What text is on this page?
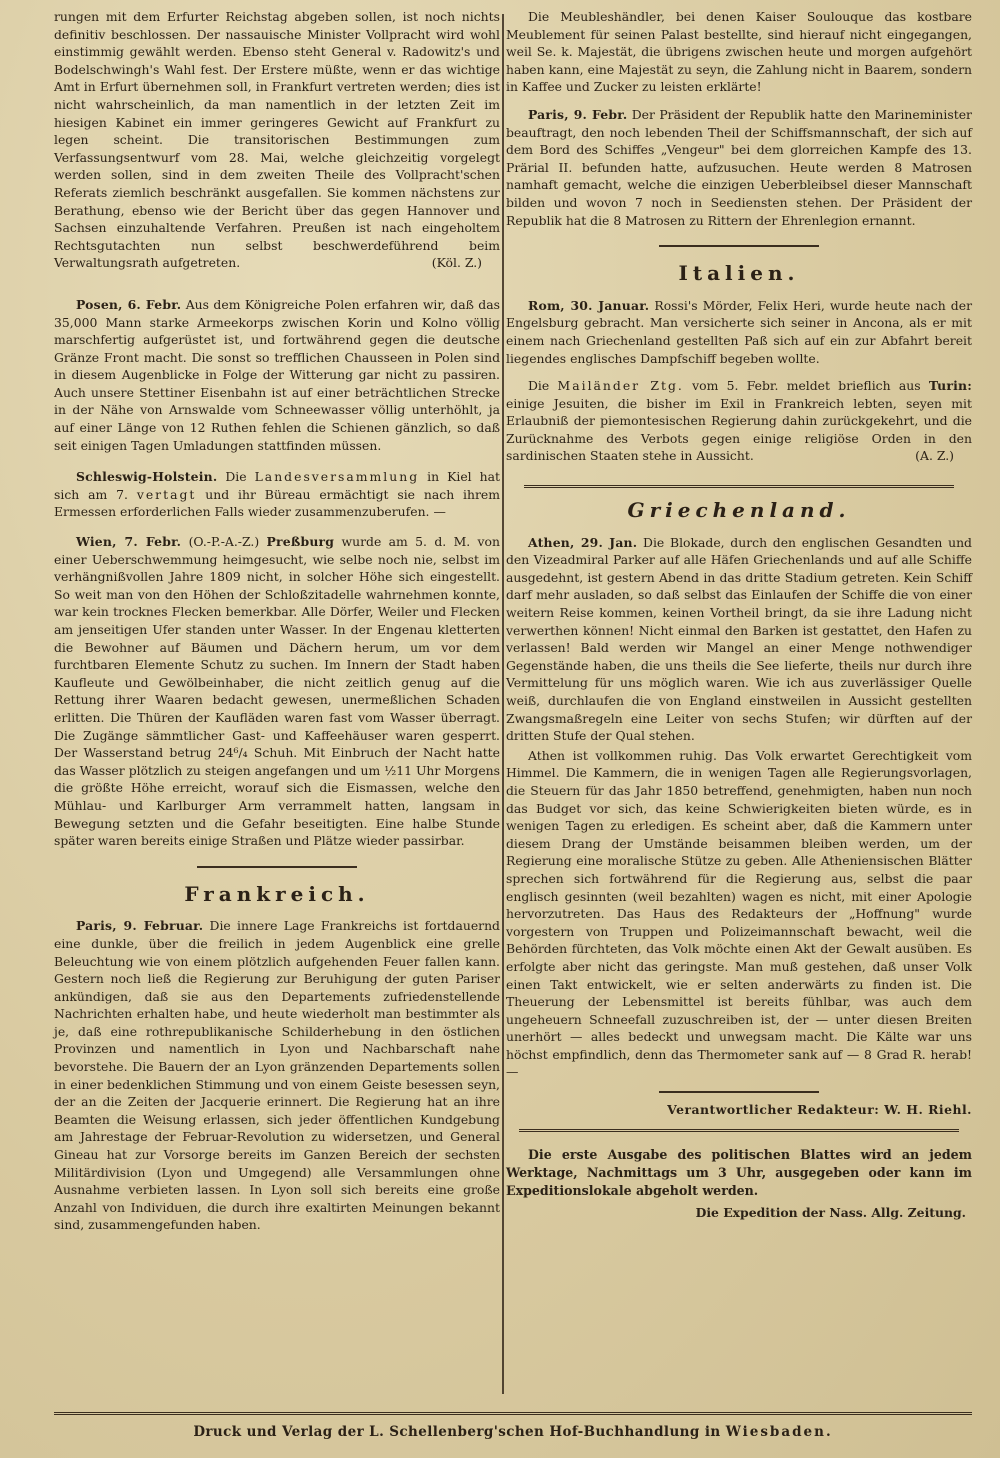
rungen mit dem Erfurter Reichstag abgeben sollen, ist noch nichts definitiv beschlossen. Der nassauische Minister Vollpracht wird wohl einstimmig gewählt werden. Ebenso steht General v. Radowitz's und Bodelschwingh's Wahl fest. Der Erstere müßte, wenn er das wichtige Amt in Erfurt übernehmen soll, in Frankfurt vertreten werden; dies ist nicht wahrscheinlich, da man namentlich in der letzten Zeit im hiesigen Kabinet ein immer geringeres Gewicht auf Frankfurt zu legen scheint. Die transitorischen Bestimmungen zum Verfassungsentwurf vom 28. Mai, welche gleichzeitig vorgelegt werden sollen, sind in dem zweiten Theile des Vollpracht'schen Referats ziemlich beschränkt ausgefallen. Sie kommen nächstens zur Berathung, ebenso wie der Bericht über das gegen Hannover und Sachsen einzuhaltende Verfahren. Preußen ist nach eingeholtem Rechtsgutachten nun selbst beschwerdeführend beim Verwaltungsrath aufgetreten.	(Köl. Z.)

Posen, 6. Febr. Aus dem Königreiche Polen erfahren wir, daß das 35,000 Mann starke Armeekorps zwischen Korin und Kolno völlig marschfertig aufgerüstet ist, und fortwährend gegen die deutsche Gränze Front macht. Die sonst so trefflichen Chausseen in Polen sind in diesem Augenblicke in Folge der Witterung gar nicht zu passiren. Auch unsere Stettiner Eisenbahn ist auf einer beträchtlichen Strecke in der Nähe von Arnswalde vom Schneewasser völlig unterhöhlt, ja auf einer Länge von 12 Ruthen fehlen die Schienen gänzlich, so daß seit einigen Tagen Umladungen stattfinden müssen.

Schleswig-Holstein. Die Landesversammlung in Kiel hat sich am 7. vertagt und ihr Büreau ermächtigt sie nach ihrem Ermessen erforderlichen Falls wieder zusammenzuberufen. —

Wien, 7. Febr. (O.-P.-A.-Z.) Preßburg wurde am 5. d. M. von einer Ueberschwemmung heimgesucht, wie selbe noch nie, selbst im verhängnißvollen Jahre 1809 nicht, in solcher Höhe sich eingestellt. So weit man von den Höhen der Schloßzitadelle wahrnehmen konnte, war kein trocknes Flecken bemerkbar. Alle Dörfer, Weiler und Flecken am jenseitigen Ufer standen unter Wasser. In der Engenau kletterten die Bewohner auf Bäumen und Dächern herum, um vor dem furchtbaren Elemente Schutz zu suchen. Im Innern der Stadt haben Kaufleute und Gewölbeinhaber, die nicht zeitlich genug auf die Rettung ihrer Waaren bedacht gewesen, unermeßlichen Schaden erlitten. Die Thüren der Kaufläden waren fast vom Wasser überragt. Die Zugänge sämmtlicher Gast- und Kaffeehäuser waren gesperrt. Der Wasserstand betrug 24⁶/₄ Schuh. Mit Einbruch der Nacht hatte das Wasser plötzlich zu steigen angefangen und um ½11 Uhr Morgens die größte Höhe erreicht, worauf sich die Eismassen, welche den Mühlau- und Karlburger Arm verrammelt hatten, langsam in Bewegung setzten und die Gefahr beseitigten. Eine halbe Stunde später waren bereits einige Straßen und Plätze wieder passirbar.

Frankreich.

Paris, 9. Februar. Die innere Lage Frankreichs ist fortdauernd eine dunkle, über die freilich in jedem Augenblick eine grelle Beleuchtung wie von einem plötzlich aufgehenden Feuer fallen kann. Gestern noch ließ die Regierung zur Beruhigung der guten Pariser ankündigen, daß sie aus den Departements zufriedenstellende Nachrichten erhalten habe, und heute wiederholt man bestimmter als je, daß eine rothrepublikanische Schilderhebung in den östlichen Provinzen und namentlich in Lyon und Nachbarschaft nahe bevorstehe. Die Bauern der an Lyon gränzenden Departements sollen in einer bedenklichen Stimmung und von einem Geiste besessen seyn, der an die Zeiten der Jacquerie erinnert. Die Regierung hat an ihre Beamten die Weisung erlassen, sich jeder öffentlichen Kundgebung am Jahrestage der Februar-Revolution zu widersetzen, und General Gineau hat zur Vorsorge bereits im Ganzen Bereich der sechsten Militärdivision (Lyon und Umgegend) alle Versammlungen ohne Ausnahme verbieten lassen. In Lyon soll sich bereits eine große Anzahl von Individuen, die durch ihre exaltirten Meinungen bekannt sind, zusammengefunden haben.

Die Meubleshändler, bei denen Kaiser Soulouque das kostbare Meublement für seinen Palast bestellte, sind hierauf nicht eingegangen, weil Se. k. Majestät, die übrigens zwischen heute und morgen aufgehört haben kann, eine Majestät zu seyn, die Zahlung nicht in Baarem, sondern in Kaffee und Zucker zu leisten erklärte!

Paris, 9. Febr. Der Präsident der Republik hatte den Marineminister beauftragt, den noch lebenden Theil der Schiffsmannschaft, der sich auf dem Bord des Schiffes „Vengeur" bei dem glorreichen Kampfe des 13. Prärial II. befunden hatte, aufzusuchen. Heute werden 8 Matrosen namhaft gemacht, welche die einzigen Ueberbleibsel dieser Mannschaft bilden und wovon 7 noch in Seediensten stehen. Der Präsident der Republik hat die 8 Matrosen zu Rittern der Ehrenlegion ernannt.

Italien.

Rom, 30. Januar. Rossi's Mörder, Felix Heri, wurde heute nach der Engelsburg gebracht. Man versicherte sich seiner in Ancona, als er mit einem nach Griechenland gestellten Paß sich auf ein zur Abfahrt bereit liegendes englisches Dampfschiff begeben wollte.

Die Mailänder Ztg. vom 5. Febr. meldet brieflich aus Turin: einige Jesuiten, die bisher im Exil in Frankreich lebten, seyen mit Erlaubniß der piemontesischen Regierung dahin zurückgekehrt, und die Zurücknahme des Verbots gegen einige religiöse Orden in den sardinischen Staaten stehe in Aussicht.	(A. Z.)

Griechenland.

Athen, 29. Jan. Die Blokade, durch den englischen Gesandten und den Vizeadmiral Parker auf alle Häfen Griechenlands und auf alle Schiffe ausgedehnt, ist gestern Abend in das dritte Stadium getreten. Kein Schiff darf mehr ausladen, so daß selbst das Einlaufen der Schiffe die von einer weitern Reise kommen, keinen Vortheil bringt, da sie ihre Ladung nicht verwerthen können! Nicht einmal den Barken ist gestattet, den Hafen zu verlassen! Bald werden wir Mangel an einer Menge nothwendiger Gegenstände haben, die uns theils die See lieferte, theils nur durch ihre Vermittelung für uns möglich waren. Wie ich aus zuverlässiger Quelle weiß, durchlaufen die von England einstweilen in Aussicht gestellten Zwangsmaßregeln eine Leiter von sechs Stufen; wir dürften auf der dritten Stufe der Qual stehen.

Athen ist vollkommen ruhig. Das Volk erwartet Gerechtigkeit vom Himmel. Die Kammern, die in wenigen Tagen alle Regierungsvorlagen, die Steuern für das Jahr 1850 betreffend, genehmigten, haben nun noch das Budget vor sich, das keine Schwierigkeiten bieten würde, es in wenigen Tagen zu erledigen. Es scheint aber, daß die Kammern unter diesem Drang der Umstände beisammen bleiben werden, um der Regierung eine moralische Stütze zu geben. Alle Atheniensischen Blätter sprechen sich fortwährend für die Regierung aus, selbst die paar englisch gesinnten (weil bezahlten) wagen es nicht, mit einer Apologie hervorzutreten. Das Haus des Redakteurs der „Hoffnung" wurde vorgestern von Truppen und Polizeimannschaft bewacht, weil die Behörden fürchteten, das Volk möchte einen Akt der Gewalt ausüben. Es erfolgte aber nicht das geringste. Man muß gestehen, daß unser Volk einen Takt entwickelt, wie er selten anderwärts zu finden ist. Die Theuerung der Lebensmittel ist bereits fühlbar, was auch dem ungeheuern Schneefall zuzuschreiben ist, der — unter diesen Breiten unerhört — alles bedeckt und unwegsam macht. Die Kälte war uns höchst empfindlich, denn das Thermometer sank auf — 8 Grad R. herab! —

Verantwortlicher Redakteur: W. H. Riehl.

Die erste Ausgabe des politischen Blattes wird an jedem Werktage, Nachmittags um 3 Uhr, ausgegeben oder kann im Expeditionslokale abgeholt werden.

Die Expedition der Nass. Allg. Zeitung.
Druck und Verlag der L. Schellenberg'schen Hof-Buchhandlung in Wiesbaden.
